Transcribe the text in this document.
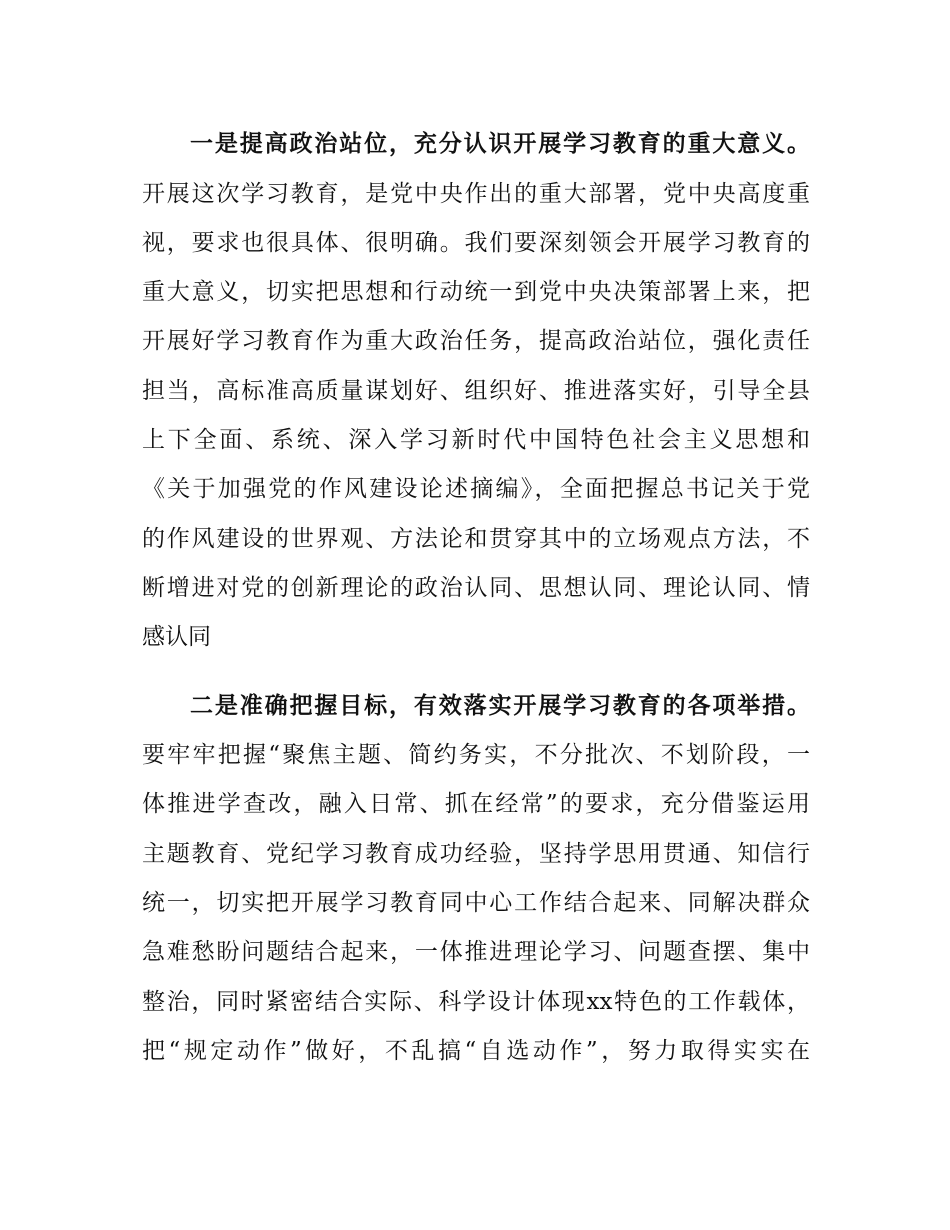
一是提高政治站位，充分认识开展学习教育的重大意义。
开展这次学习教育，是党中央作出的重大部署，党中央高度重
视，要求也很具体、很明确。我们要深刻领会开展学习教育的
重大意义，切实把思想和行动统一到党中央决策部署上来，把
开展好学习教育作为重大政治任务，提高政治站位，强化责任
担当，高标准高质量谋划好、组织好、推进落实好，引导全县
上下全面、系统、深入学习新时代中国特色社会主义思想和
《关于加强党的作风建设论述摘编》，全面把握总书记关于党
的作风建设的世界观、方法论和贯穿其中的立场观点方法，不
断增进对党的创新理论的政治认同、思想认同、理论认同、情
感认同
二是准确把握目标，有效落实开展学习教育的各项举措。
要牢牢把握“聚焦主题、简约务实，不分批次、不划阶段，一
体推进学查改，融入日常、抓在经常”的要求，充分借鉴运用
主题教育、党纪学习教育成功经验，坚持学思用贯通、知信行
统一，切实把开展学习教育同中心工作结合起来、同解决群众
急难愁盼问题结合起来，一体推进理论学习、问题查摆、集中
整治，同时紧密结合实际、科学设计体现xx特色的工作载体，
把“规定动作”做好，不乱搞“自选动作”，努力取得实实在
